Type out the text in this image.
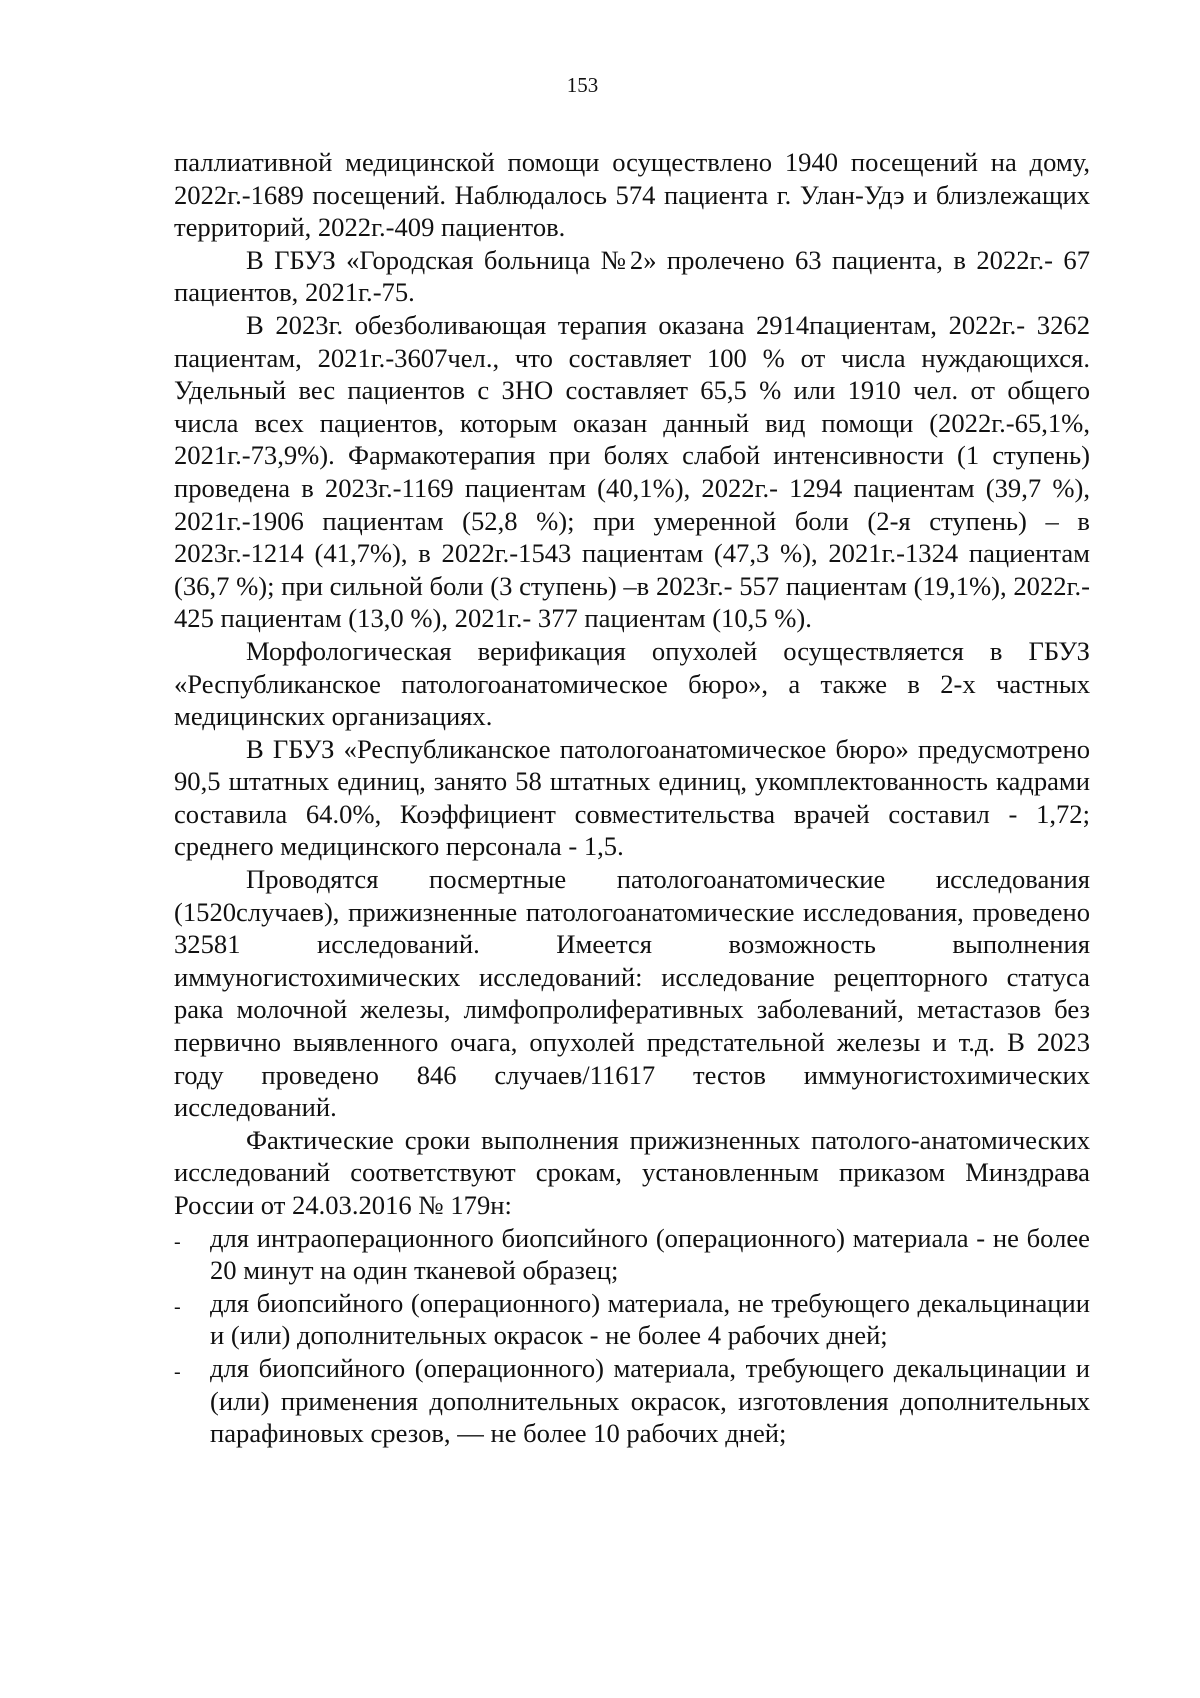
153

паллиативной медицинской помощи осуществлено 1940 посещений на дому, 2022г.-1689 посещений. Наблюдалось 574 пациента г. Улан-Удэ и близлежащих территорий, 2022г.-409 пациентов.

В ГБУЗ «Городская больница №2» пролечено 63 пациента, в 2022г.- 67 пациентов, 2021г.-75.

В 2023г. обезболивающая терапия оказана 2914пациентам, 2022г.- 3262 пациентам, 2021г.-3607чел., что составляет 100 % от числа нуждающихся. Удельный вес пациентов с ЗНО составляет 65,5 % или 1910 чел. от общего числа всех пациентов, которым оказан данный вид помощи (2022г.-65,1%, 2021г.-73,9%). Фармакотерапия при болях слабой интенсивности (1 ступень) проведена в 2023г.-1169 пациентам (40,1%), 2022г.- 1294 пациентам (39,7 %), 2021г.-1906 пациентам (52,8 %); при умеренной боли (2-я ступень) – в 2023г.-1214 (41,7%), в 2022г.-1543 пациентам (47,3 %), 2021г.-1324 пациентам (36,7 %); при сильной боли (3 ступень) –в 2023г.- 557 пациентам (19,1%), 2022г.- 425 пациентам (13,0 %), 2021г.- 377 пациентам (10,5 %).

Морфологическая верификация опухолей осуществляется в ГБУЗ «Республиканское патологоанатомическое бюро», а также в 2-х частных медицинских организациях.

В ГБУЗ «Республиканское патологоанатомическое бюро» предусмотрено 90,5 штатных единиц, занято 58 штатных единиц, укомплектованность кадрами составила 64.0%, Коэффициент совместительства врачей составил - 1,72; среднего медицинского персонала - 1,5.

Проводятся посмертные патологоанатомические исследования (1520случаев), прижизненные патологоанатомические исследования, проведено 32581 исследований. Имеется возможность выполнения иммуногистохимических исследований: исследование рецепторного статуса рака молочной железы, лимфопролиферативных заболеваний, метастазов без первично выявленного очага, опухолей предстательной железы и т.д. В 2023 году проведено 846 случаев/11617 тестов иммуногистохимических исследований.

Фактические сроки выполнения прижизненных патолого-анатомических исследований соответствуют срокам, установленным приказом Минздрава России от 24.03.2016 № 179н:

- для интраоперационного биопсийного (операционного) материала - не более 20 минут на один тканевой образец;
- для биопсийного (операционного) материала, не требующего декальцинации и (или) дополнительных окрасок - не более 4 рабочих дней;
- для биопсийного (операционного) материала, требующего декальцинации и (или) применения дополнительных окрасок, изготовления дополнительных парафиновых срезов, — не более 10 рабочих дней;
